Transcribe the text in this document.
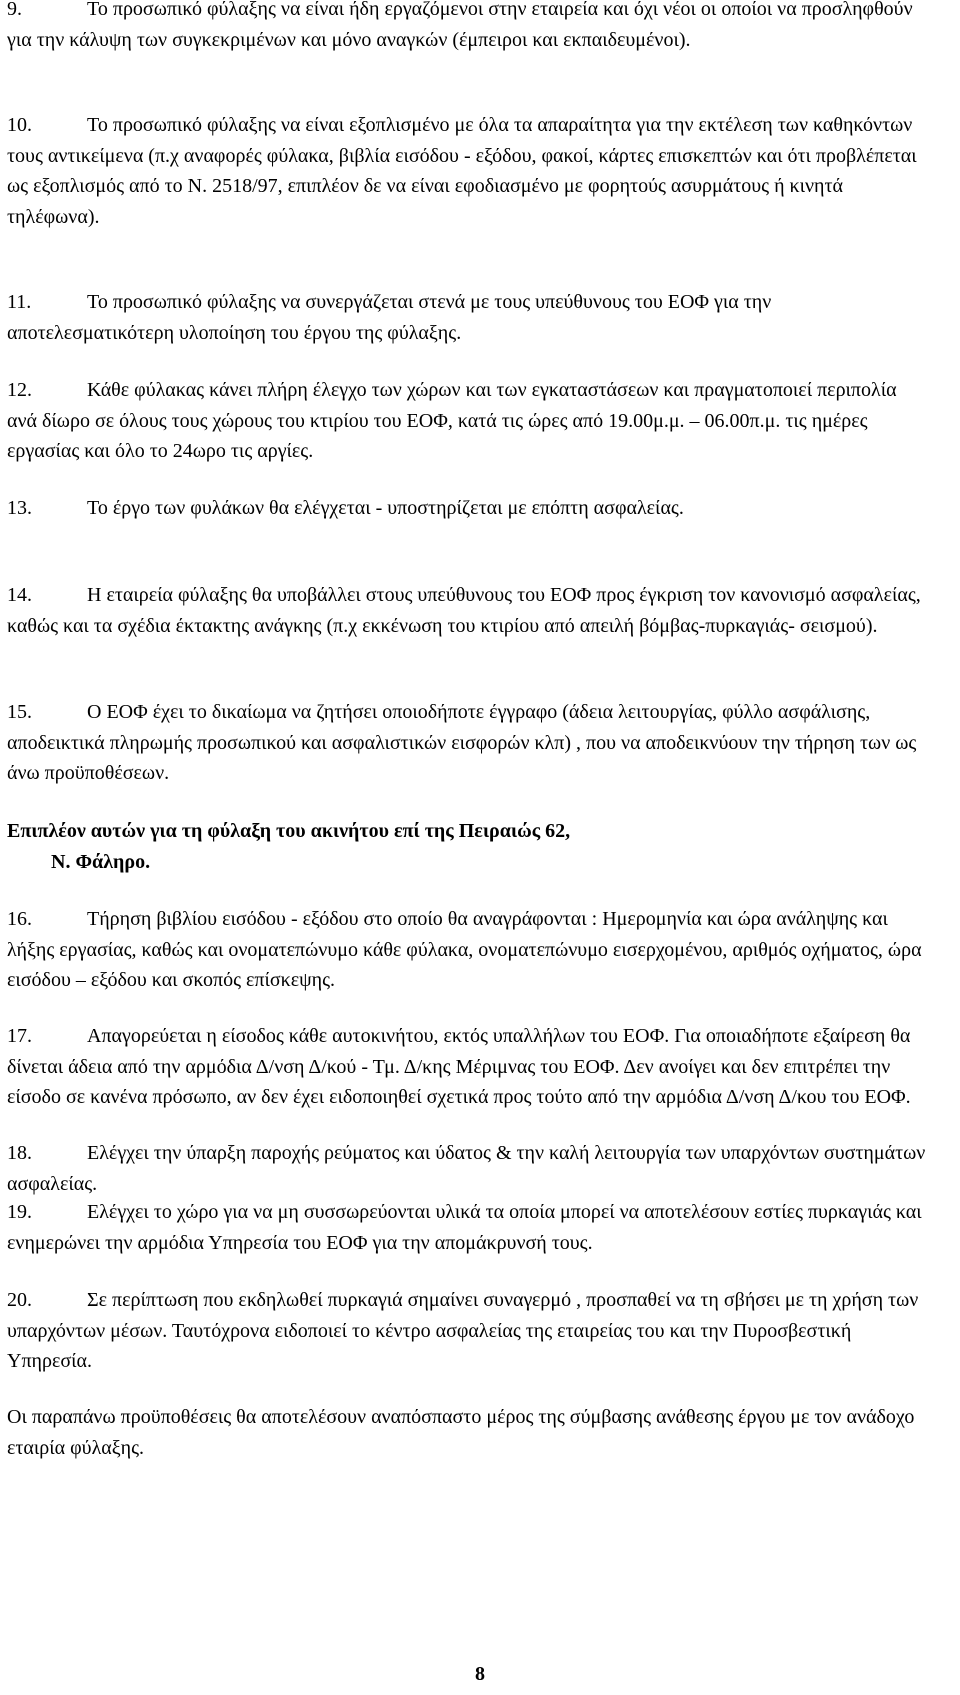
9.	Το προσωπικό φύλαξης να είναι ήδη εργαζόμενοι στην εταιρεία και όχι νέοι οι οποίοι να προσληφθούν για την κάλυψη των συγκεκριμένων και μόνο αναγκών (έμπειροι και εκπαιδευμένοι).
10.	Το προσωπικό φύλαξης να είναι εξοπλισμένο με όλα τα απαραίτητα για την εκτέλεση των καθηκόντων τους αντικείμενα (π.χ αναφορές φύλακα, βιβλία εισόδου - εξόδου, φακοί, κάρτες επισκεπτών και ότι προβλέπεται ως εξοπλισμός από το Ν. 2518/97, επιπλέον δε να είναι εφοδιασμένο με φορητούς ασυρμάτους ή κινητά τηλέφωνα).
11.	Το προσωπικό φύλαξης να συνεργάζεται στενά με τους υπεύθυνους του ΕΟΦ για την αποτελεσματικότερη υλοποίηση του έργου της φύλαξης.
12.	Κάθε φύλακας κάνει πλήρη έλεγχο των χώρων και των εγκαταστάσεων και πραγματοποιεί περιπολία ανά δίωρο σε όλους τους χώρους του κτιρίου του ΕΟΦ, κατά τις ώρες από 19.00μ.μ. – 06.00π.μ. τις ημέρες εργασίας και όλο το 24ωρο τις αργίες.
13.	Το έργο των φυλάκων θα ελέγχεται - υποστηρίζεται με επόπτη ασφαλείας.
14.	Η εταιρεία φύλαξης θα υποβάλλει στους υπεύθυνους του ΕΟΦ προς έγκριση τον κανονισμό ασφαλείας, καθώς και τα σχέδια έκτακτης ανάγκης (π.χ εκκένωση του κτιρίου από απειλή βόμβας-πυρκαγιάς- σεισμού).
15.	Ο ΕΟΦ έχει το δικαίωμα να ζητήσει οποιοδήποτε έγγραφο (άδεια λειτουργίας, φύλλο ασφάλισης, αποδεικτικά πληρωμής προσωπικού και ασφαλιστικών εισφορών κλπ) , που να αποδεικνύουν την τήρηση των ως άνω προϋποθέσεων.
Επιπλέον αυτών για τη φύλαξη του ακινήτου επί της Πειραιώς 62,
Ν. Φάληρο.
16.	Τήρηση βιβλίου εισόδου - εξόδου στο οποίο θα αναγράφονται : Ημερομηνία και ώρα ανάληψης και λήξης εργασίας, καθώς και ονοματεπώνυμο κάθε φύλακα, ονοματεπώνυμο εισερχομένου, αριθμός οχήματος, ώρα εισόδου – εξόδου και σκοπός επίσκεψης.
17.	Απαγορεύεται η είσοδος κάθε αυτοκινήτου, εκτός υπαλλήλων του ΕΟΦ. Για οποιαδήποτε εξαίρεση θα δίνεται άδεια από την αρμόδια Δ/νση Δ/κού - Τμ. Δ/κης Μέριμνας του ΕΟΦ. Δεν ανοίγει και δεν επιτρέπει την είσοδο σε κανένα πρόσωπο, αν δεν έχει ειδοποιηθεί σχετικά προς τούτο από την αρμόδια Δ/νση Δ/κου του ΕΟΦ.
18.	Ελέγχει την ύπαρξη παροχής ρεύματος και ύδατος & την καλή λειτουργία των υπαρχόντων συστημάτων ασφαλείας.
19.	Ελέγχει το χώρο για να μη συσσωρεύονται υλικά τα οποία μπορεί να αποτελέσουν εστίες πυρκαγιάς και ενημερώνει την αρμόδια Υπηρεσία του ΕΟΦ για την απομάκρυνσή τους.
20.	Σε περίπτωση που εκδηλωθεί πυρκαγιά σημαίνει συναγερμό , προσπαθεί να τη σβήσει με τη χρήση των υπαρχόντων μέσων. Ταυτόχρονα ειδοποιεί το κέντρο ασφαλείας της εταιρείας του και την Πυροσβεστική Υπηρεσία.
Οι παραπάνω προϋποθέσεις θα αποτελέσουν αναπόσπαστο μέρος της σύμβασης ανάθεσης έργου με τον ανάδοχο εταιρία φύλαξης.
8
